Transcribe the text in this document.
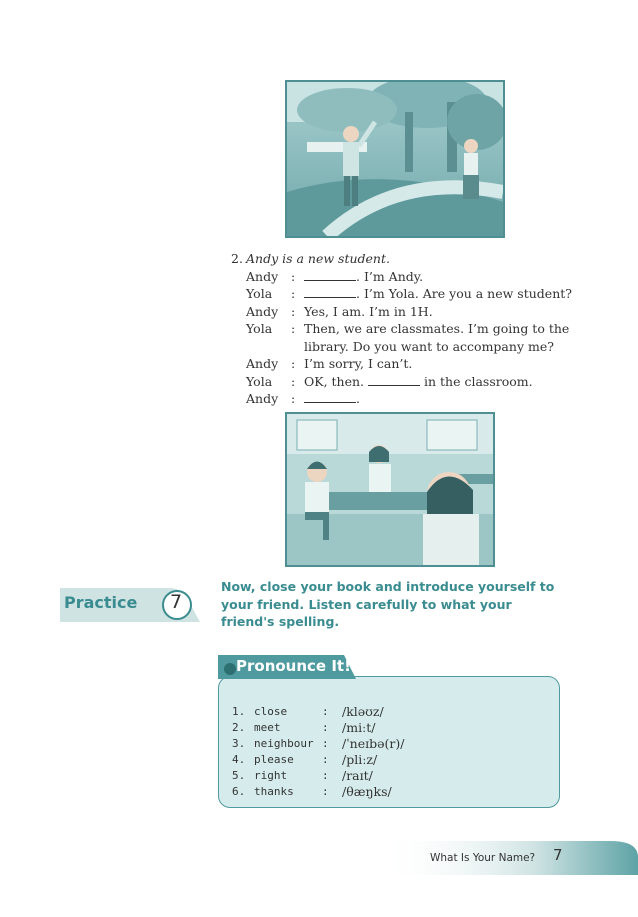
2. Andy is a new student.
Andy :	. I’m Andy.
Yola :	. I’m Yola. Are you a new student?
Andy : Yes, I am. I’m in 1H.
Yola : Then, we are classmates. I’m going to the library. Do you want to accompany me?
Andy : I’m sorry, I can’t.
Yola : OK, then.	in the classroom.
Andy :	.
Practice 7
Now, close your book and introduce yourself to your friend. Listen carefully to what your friend's spelling.
Pronounce It!
1. close	: /kləʊz/
2. meet	: /miːt/
3. neighbour : /ˈneɪbə(r)/
4. please	: /pliːz/
5. right	: /raɪt/
6. thanks	: /θæŋks/
What Is Your Name? 7
